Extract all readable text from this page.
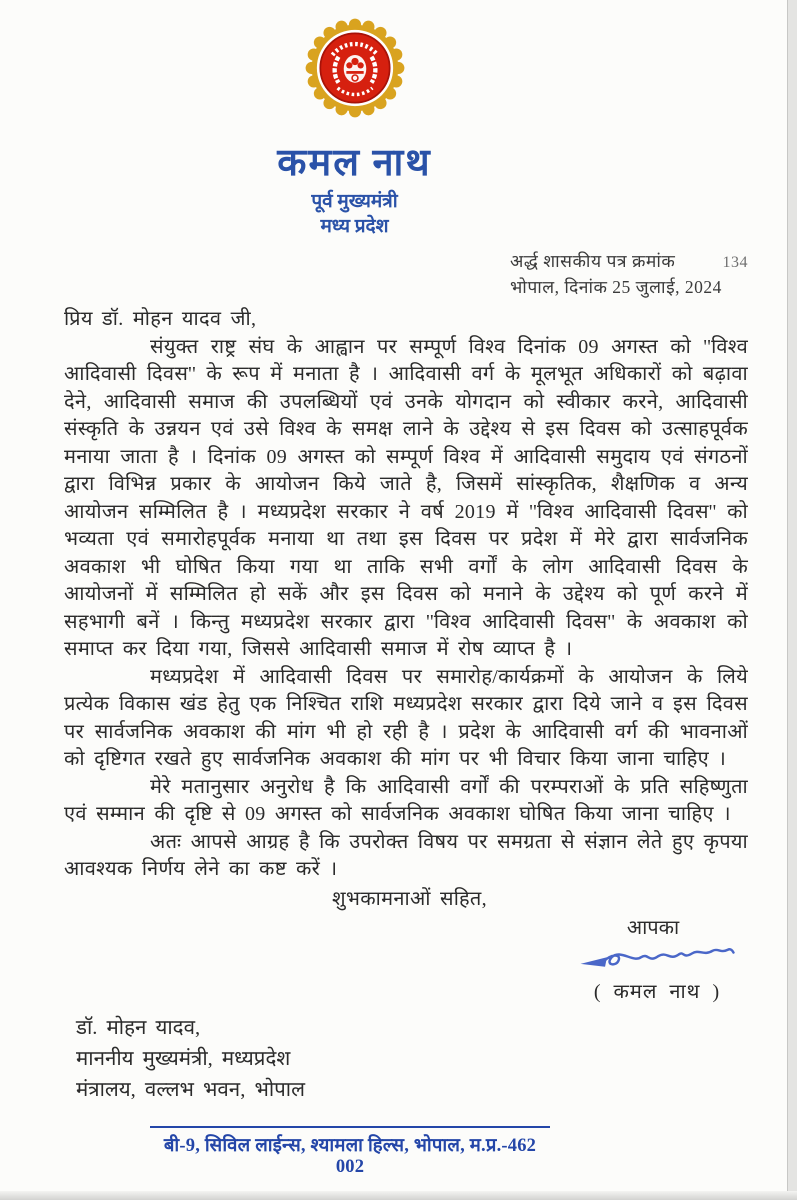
कमल नाथ
पूर्व मुख्यमंत्री
मध्य प्रदेश
अर्द्ध शासकीय पत्र क्रमांक	134
भोपाल, दिनांक 25 जुलाई, 2024

प्रिय डॉ. मोहन यादव जी,

संयुक्त राष्ट्र संघ के आह्वान पर सम्पूर्ण विश्व दिनांक 09 अगस्त को ''विश्व आदिवासी दिवस'' के रूप में मनाता है । आदिवासी वर्ग के मूलभूत अधिकारों को बढ़ावा देने, आदिवासी समाज की उपलब्धियों एवं उनके योगदान को स्वीकार करने, आदिवासी संस्कृति के उन्नयन एवं उसे विश्व के समक्ष लाने के उद्देश्य से इस दिवस को उत्साहपूर्वक मनाया जाता है । दिनांक 09 अगस्त को सम्पूर्ण विश्व में आदिवासी समुदाय एवं संगठनों द्वारा विभिन्न प्रकार के आयोजन किये जाते है, जिसमें सांस्कृतिक, शैक्षणिक व अन्य आयोजन सम्मिलित है । मध्यप्रदेश सरकार ने वर्ष 2019 में ''विश्व आदिवासी दिवस'' को भव्यता एवं समारोहपूर्वक मनाया था तथा इस दिवस पर प्रदेश में मेरे द्वारा सार्वजनिक अवकाश भी घोषित किया गया था ताकि सभी वर्गों के लोग आदिवासी दिवस के आयोजनों में सम्मिलित हो सकें और इस दिवस को मनाने के उद्देश्य को पूर्ण करने में सहभागी बनें । किन्तु मध्यप्रदेश सरकार द्वारा ''विश्व आदिवासी दिवस'' के अवकाश को समाप्त कर दिया गया, जिससे आदिवासी समाज में रोष व्याप्त है ।

मध्यप्रदेश में आदिवासी दिवस पर समारोह/कार्यक्रमों के आयोजन के लिये प्रत्येक विकास खंड हेतु एक निश्चित राशि मध्यप्रदेश सरकार द्वारा दिये जाने व इस दिवस पर सार्वजनिक अवकाश की मांग भी हो रही है । प्रदेश के आदिवासी वर्ग की भावनाओं को दृष्टिगत रखते हुए सार्वजनिक अवकाश की मांग पर भी विचार किया जाना चाहिए ।

मेरे मतानुसार अनुरोध है कि आदिवासी वर्गों की परम्पराओं के प्रति सहिष्णुता एवं सम्मान की दृष्टि से 09 अगस्त को सार्वजनिक अवकाश घोषित किया जाना चाहिए ।

अतः आपसे आग्रह है कि उपरोक्त विषय पर समग्रता से संज्ञान लेते हुए कृपया आवश्यक निर्णय लेने का कष्ट करें ।

शुभकामनाओं सहित,

आपका
( कमल नाथ )
डॉ. मोहन यादव,
माननीय मुख्यमंत्री, मध्यप्रदेश
मंत्रालय, वल्लभ भवन, भोपाल
बी-9, सिविल लाईन्स, श्यामला हिल्स, भोपाल, म.प्र.-462 002
